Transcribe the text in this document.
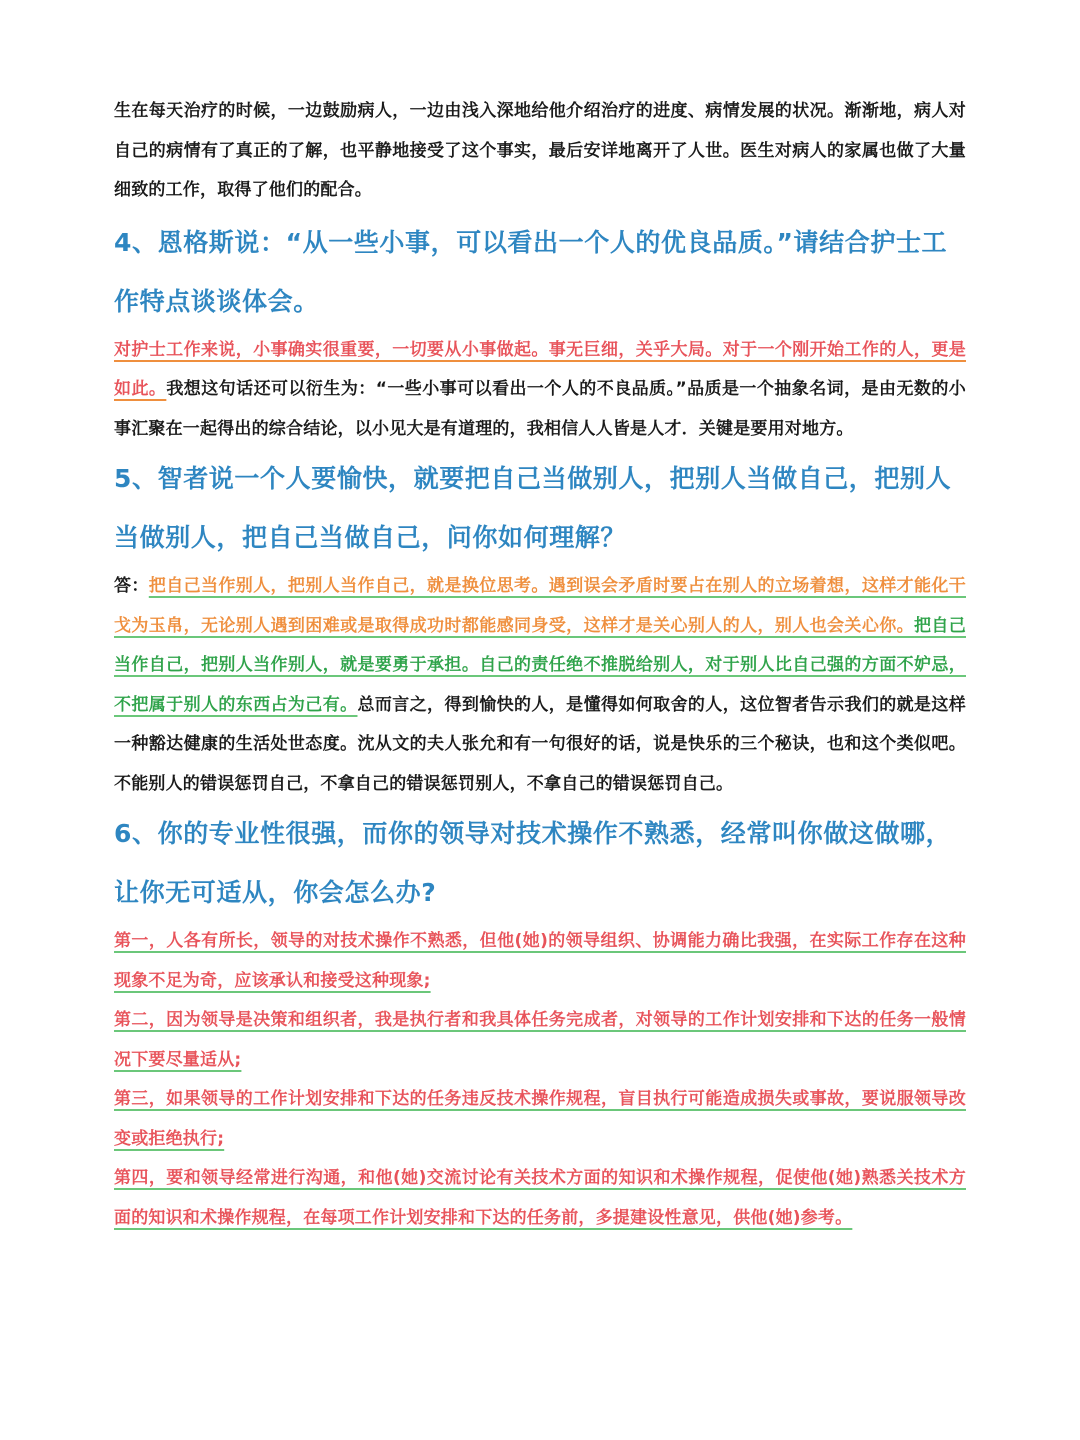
生在每天治疗的时候，一边鼓励病人，一边由浅入深地给他介绍治疗的进度、病情发展的状况。渐渐地，病人对自己的病情有了真正的了解，也平静地接受了这个事实，最后安详地离开了人世。医生对病人的家属也做了大量细致的工作，取得了他们的配合。

4、恩格斯说：“从一些小事，可以看出一个人的优良品质。”请结合护士工作特点谈谈体会。

对护士工作来说，小事确实很重要，一切要从小事做起。事无巨细，关乎大局。对于一个刚开始工作的人，更是如此。我想这句话还可以衍生为：“一些小事可以看出一个人的不良品质。”品质是一个抽象名词，是由无数的小事汇聚在一起得出的综合结论，以小见大是有道理的，我相信人人皆是人才．关键是要用对地方。

5、智者说一个人要愉快，就要把自己当做别人，把别人当做自己，把别人当做别人，把自己当做自己，问你如何理解？

答：把自己当作别人，把别人当作自己，就是换位思考。遇到误会矛盾时要占在别人的立场着想，这样才能化干戈为玉帛，无论别人遇到困难或是取得成功时都能感同身受，这样才是关心别人的人，别人也会关心你。把自己当作自己，把别人当作别人，就是要勇于承担。自己的责任绝不推脱给别人，对于别人比自己强的方面不妒忌，不把属于别人的东西占为己有。总而言之，得到愉快的人，是懂得如何取舍的人，这位智者告示我们的就是这样一种豁达健康的生活处世态度。沈从文的夫人张允和有一句很好的话，说是快乐的三个秘诀，也和这个类似吧。不能别人的错误惩罚自己，不拿自己的错误惩罚别人，不拿自己的错误惩罚自己。

6、你的专业性很强，而你的领导对技术操作不熟悉，经常叫你做这做哪，让你无可适从，你会怎么办?

第一，人各有所长，领导的对技术操作不熟悉，但他(她)的领导组织、协调能力确比我强，在实际工作存在这种现象不足为奇，应该承认和接受这种现象;

第二，因为领导是决策和组织者，我是执行者和我具体任务完成者，对领导的工作计划安排和下达的任务一般情况下要尽量适从;

第三，如果领导的工作计划安排和下达的任务违反技术操作规程，盲目执行可能造成损失或事故，要说服领导改变或拒绝执行;

第四，要和领导经常进行沟通，和他(她)交流讨论有关技术方面的知识和术操作规程，促使他(她)熟悉关技术方面的知识和术操作规程，在每项工作计划安排和下达的任务前，多提建设性意见，供他(她)参考。
